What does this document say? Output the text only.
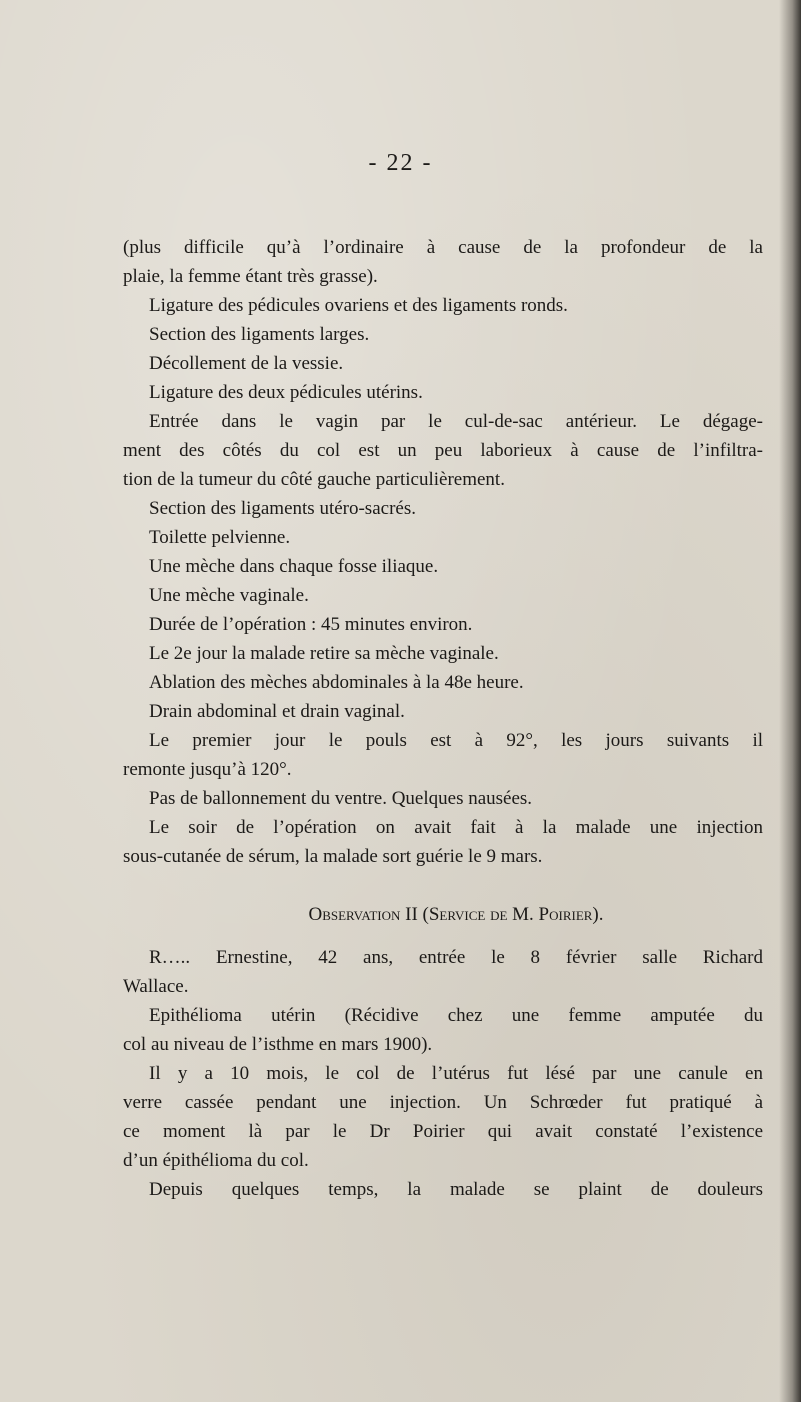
- 22 -
(plus difficile qu’à l’ordinaire à cause de la profondeur de la
plaie, la femme étant très grasse).
Ligature des pédicules ovariens et des ligaments ronds.
Section des ligaments larges.
Décollement de la vessie.
Ligature des deux pédicules utérins.
Entrée dans le vagin par le cul-de-sac antérieur. Le dégage-
ment des côtés du col est un peu laborieux à cause de l’infiltra-
tion de la tumeur du côté gauche particulièrement.
Section des ligaments utéro-sacrés.
Toilette pelvienne.
Une mèche dans chaque fosse iliaque.
Une mèche vaginale.
Durée de l’opération : 45 minutes environ.
Le 2e jour la malade retire sa mèche vaginale.
Ablation des mèches abdominales à la 48e heure.
Drain abdominal et drain vaginal.
Le premier jour le pouls est à 92°, les jours suivants il
remonte jusqu’à 120°.
Pas de ballonnement du ventre. Quelques nausées.
Le soir de l’opération on avait fait à la malade une injection
sous-cutanée de sérum, la malade sort guérie le 9 mars.
Observation II (Service de M. Poirier).
R….. Ernestine, 42 ans, entrée le 8 février salle Richard
Wallace.
Epithélioma utérin (Récidive chez une femme amputée du
col au niveau de l’isthme en mars 1900).
Il y a 10 mois, le col de l’utérus fut lésé par une canule en
verre cassée pendant une injection. Un Schrœder fut pratiqué à
ce moment là par le Dr Poirier qui avait constaté l’existence
d’un épithélioma du col.
Depuis quelques temps, la malade se plaint de douleurs
